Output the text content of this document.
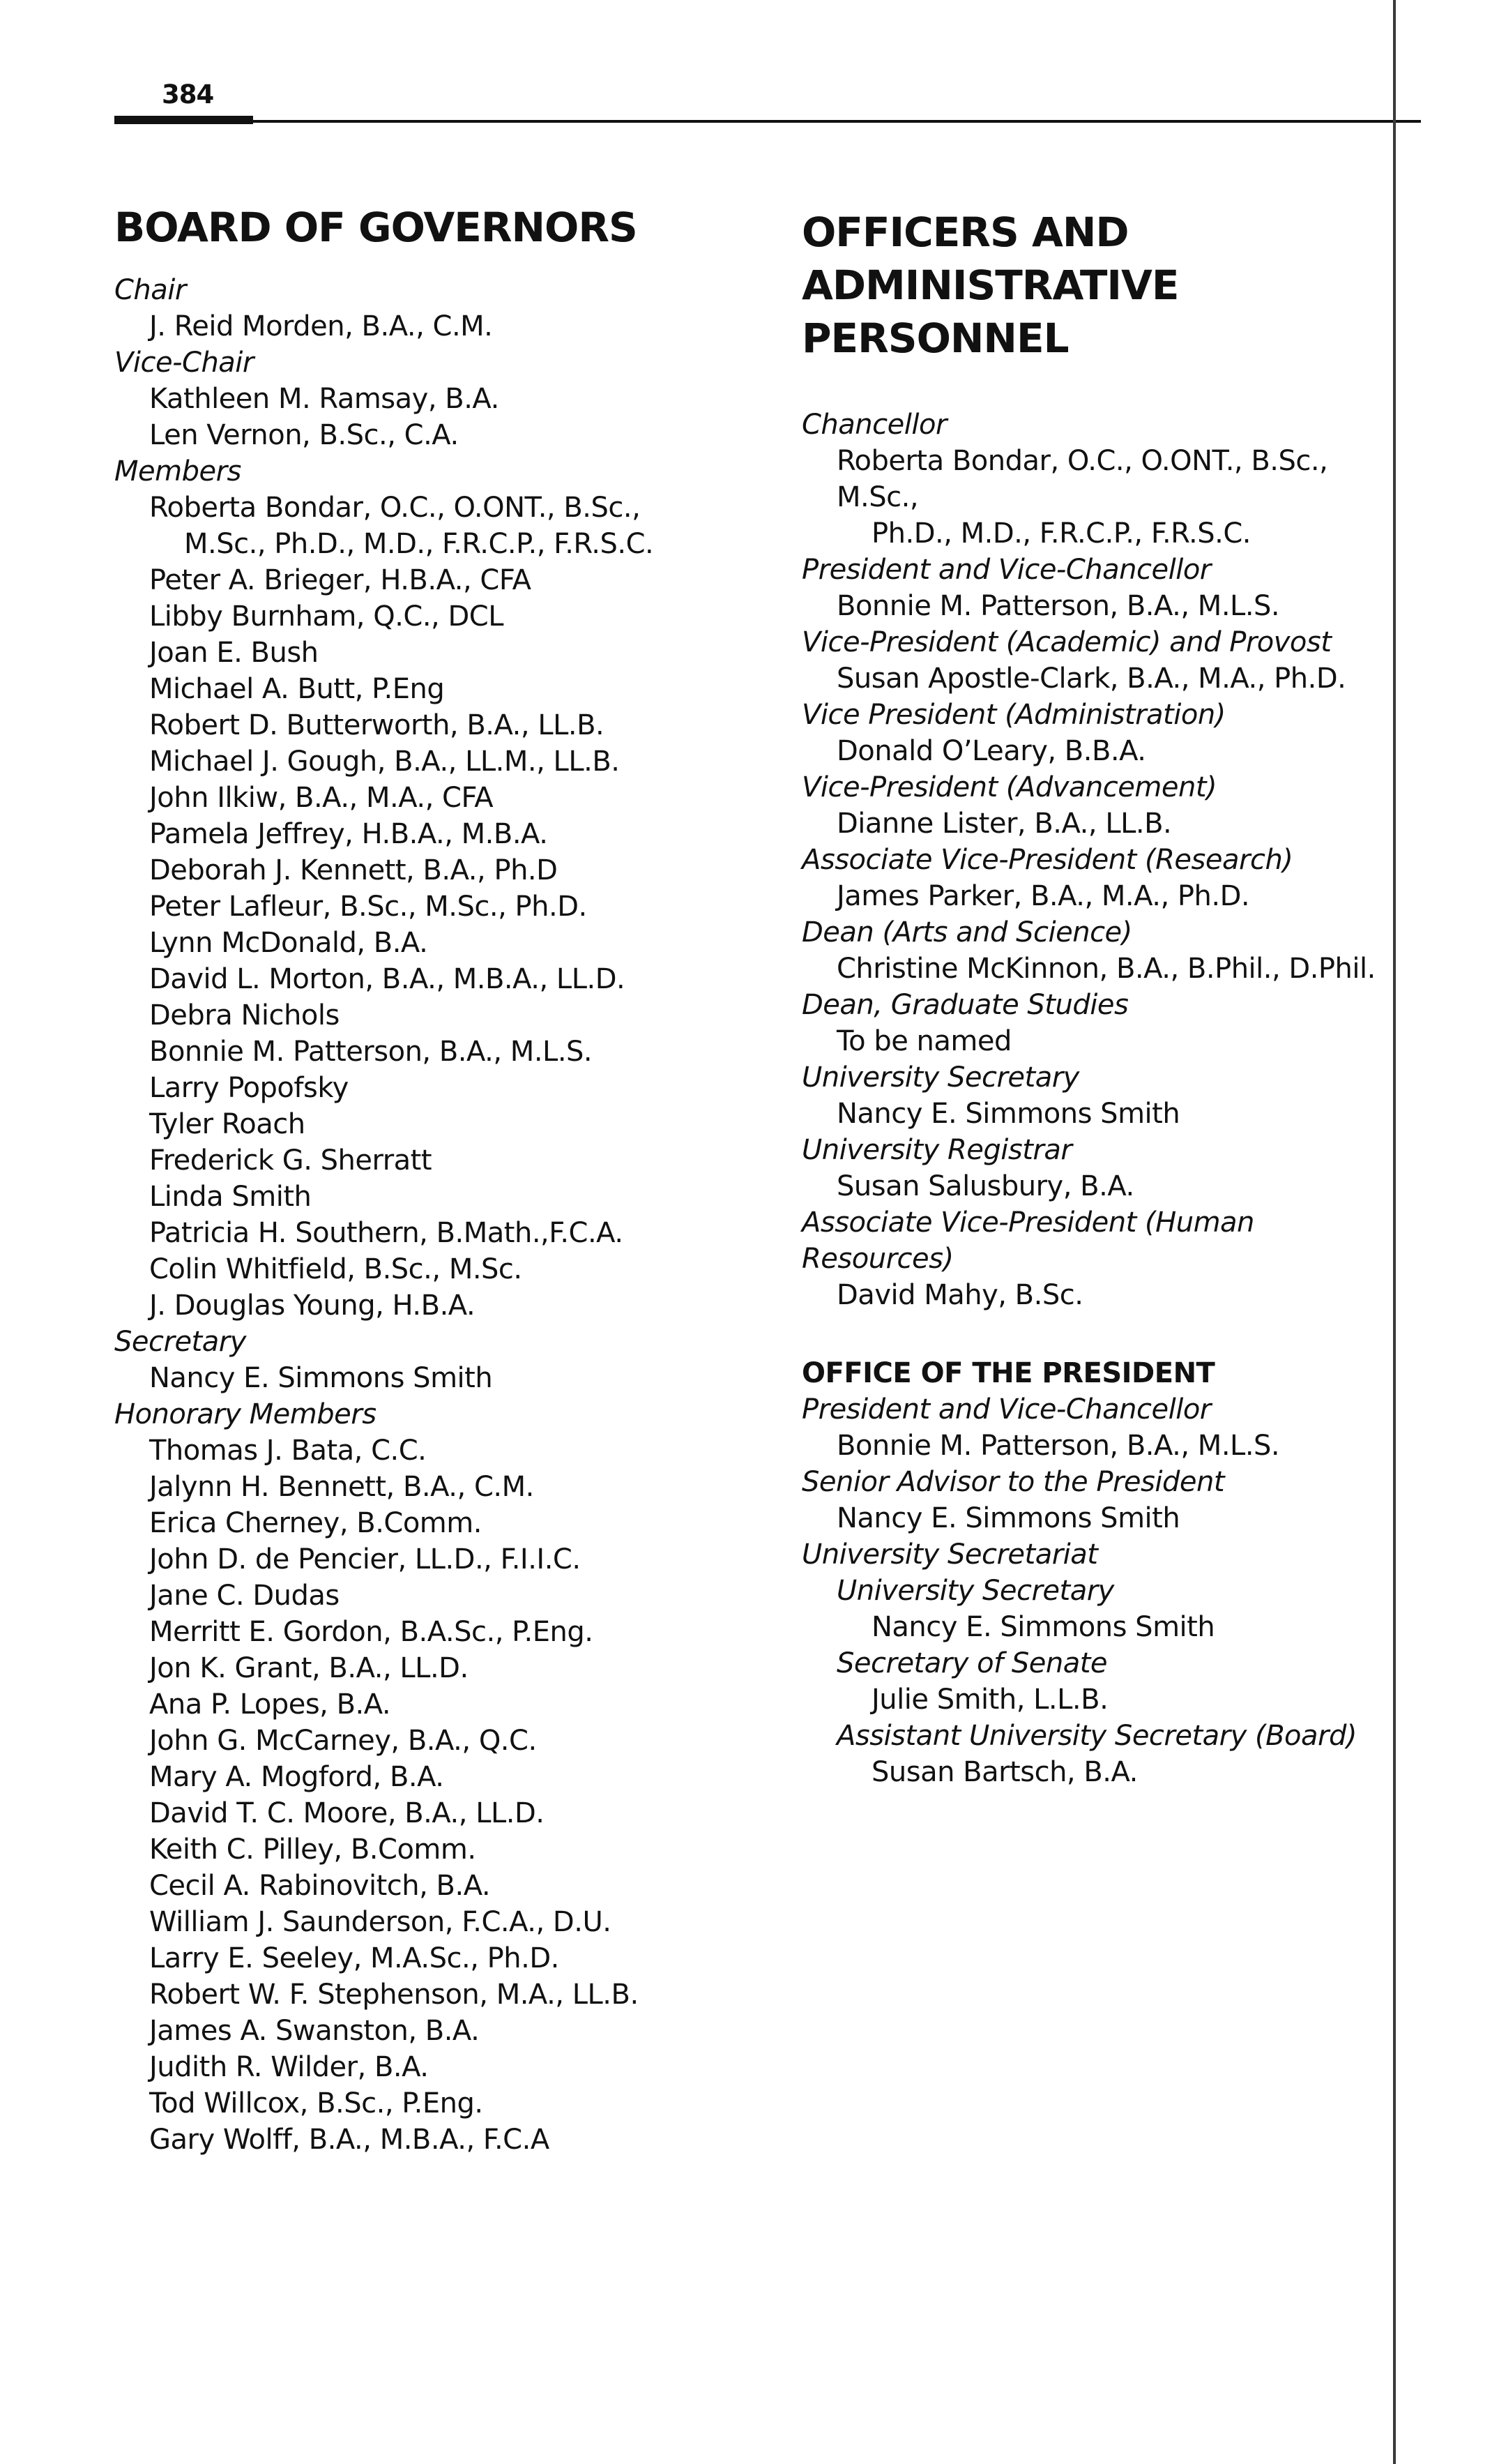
384
BOARD OF GOVERNORS
Chair
J. Reid Morden, B.A., C.M.
Vice-Chair
Kathleen M. Ramsay, B.A.
Len Vernon, B.Sc., C.A.
Members
Roberta Bondar, O.C., O.ONT., B.Sc.,
M.Sc., Ph.D., M.D., F.R.C.P., F.R.S.C.
Peter A. Brieger, H.B.A., CFA
Libby Burnham, Q.C., DCL
Joan E. Bush
Michael A. Butt, P.Eng
Robert D. Butterworth, B.A., LL.B.
Michael J. Gough, B.A., LL.M., LL.B.
John Ilkiw, B.A., M.A., CFA
Pamela Jeffrey, H.B.A., M.B.A.
Deborah J. Kennett, B.A., Ph.D
Peter Lafleur, B.Sc., M.Sc., Ph.D.
Lynn McDonald, B.A.
David L. Morton, B.A., M.B.A., LL.D.
Debra Nichols
Bonnie M. Patterson, B.A., M.L.S.
Larry Popofsky
Tyler Roach
Frederick G. Sherratt
Linda Smith
Patricia H. Southern, B.Math.,F.C.A.
Colin Whitfield, B.Sc., M.Sc.
J. Douglas Young, H.B.A.
Secretary
Nancy E. Simmons Smith
Honorary Members
Thomas J. Bata, C.C.
Jalynn H. Bennett, B.A., C.M.
Erica Cherney, B.Comm.
John D. de Pencier, LL.D., F.I.I.C.
Jane C. Dudas
Merritt E. Gordon, B.A.Sc., P.Eng.
Jon K. Grant, B.A., LL.D.
Ana P. Lopes, B.A.
John G. McCarney, B.A., Q.C.
Mary A. Mogford, B.A.
David T. C. Moore, B.A., LL.D.
Keith C. Pilley, B.Comm.
Cecil A. Rabinovitch, B.A.
William J. Saunderson, F.C.A., D.U.
Larry E. Seeley, M.A.Sc., Ph.D.
Robert W. F. Stephenson, M.A., LL.B.
James A. Swanston, B.A.
Judith R. Wilder, B.A.
Tod Willcox, B.Sc., P.Eng.
Gary Wolff, B.A., M.B.A., F.C.A
OFFICERS AND
ADMINISTRATIVE
PERSONNEL
Chancellor
Roberta Bondar, O.C., O.ONT., B.Sc., M.Sc.,
Ph.D., M.D., F.R.C.P., F.R.S.C.
President and Vice-Chancellor
Bonnie M. Patterson, B.A., M.L.S.
Vice-President (Academic) and Provost
Susan Apostle-Clark, B.A., M.A., Ph.D.
Vice President (Administration)
Donald O’Leary, B.B.A.
Vice-President (Advancement)
Dianne Lister, B.A., LL.B.
Associate Vice-President (Research)
James Parker, B.A., M.A., Ph.D.
Dean (Arts and Science)
Christine McKinnon, B.A., B.Phil., D.Phil.
Dean, Graduate Studies
To be named
University Secretary
Nancy E. Simmons Smith
University Registrar
Susan Salusbury, B.A.
Associate Vice-President (Human Resources)
David Mahy, B.Sc.
OFFICE OF THE PRESIDENT
President and Vice-Chancellor
Bonnie M. Patterson, B.A., M.L.S.
Senior Advisor to the President
Nancy E. Simmons Smith
University Secretariat
University Secretary
Nancy E. Simmons Smith
Secretary of Senate
Julie Smith, L.L.B.
Assistant University Secretary (Board)
Susan Bartsch, B.A.
